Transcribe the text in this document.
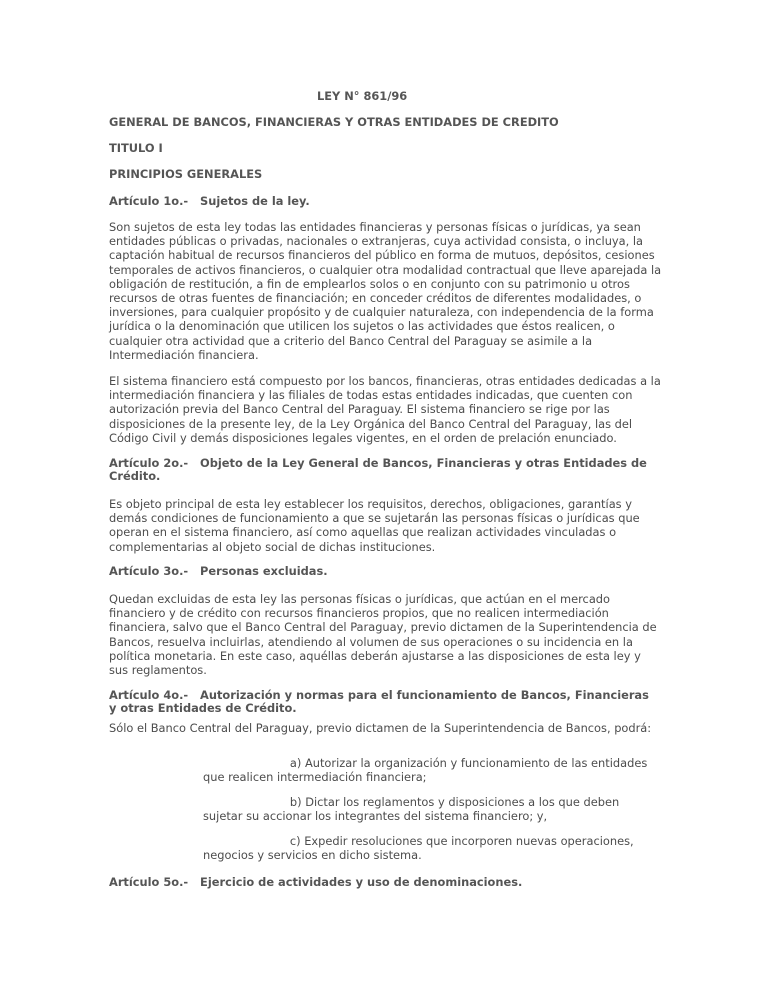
LEY N° 861/96
GENERAL DE BANCOS, FINANCIERAS Y OTRAS ENTIDADES DE CREDITO
TITULO I
PRINCIPIOS GENERALES
Artículo 1o.-   Sujetos de la ley.
Son sujetos de esta ley todas las entidades financieras y personas físicas o jurídicas, ya sean
entidades públicas o privadas, nacionales o extranjeras, cuya actividad consista, o incluya, la
captación habitual de recursos financieros del público en forma de mutuos, depósitos, cesiones
temporales de activos financieros, o cualquier otra modalidad contractual que lleve aparejada la
obligación de restitución, a fin de emplearlos solos o en conjunto con su patrimonio u otros
recursos de otras fuentes de financiación; en conceder créditos de diferentes modalidades, o
inversiones, para cualquier propósito y de cualquier naturaleza, con independencia de la forma
jurídica o la denominación que utilicen los sujetos o las actividades que éstos realicen, o
cualquier otra actividad que a criterio del Banco Central del Paraguay se asimile a la
Intermediación financiera.
El sistema financiero está compuesto por los bancos, financieras, otras entidades dedicadas a la
intermediación financiera y las filiales de todas estas entidades indicadas, que cuenten con
autorización previa del Banco Central del Paraguay. El sistema financiero se rige por las
disposiciones de la presente ley, de la Ley Orgánica del Banco Central del Paraguay, las del
Código Civil y demás disposiciones legales vigentes, en el orden de prelación enunciado.
Artículo 2o.-   Objeto de la Ley General de Bancos, Financieras y otras Entidades de
Crédito.
Es objeto principal de esta ley establecer los requisitos, derechos, obligaciones, garantías y
demás condiciones de funcionamiento a que se sujetarán las personas físicas o jurídicas que
operan en el sistema financiero, así como aquellas que realizan actividades vinculadas o
complementarias al objeto social de dichas instituciones.
Artículo 3o.-   Personas excluidas.
Quedan excluidas de esta ley las personas físicas o jurídicas, que actúan en el mercado
financiero y de crédito con recursos financieros propios, que no realicen intermediación
financiera, salvo que el Banco Central del Paraguay, previo dictamen de la Superintendencia de
Bancos, resuelva incluirlas, atendiendo al volumen de sus operaciones o su incidencia en la
política monetaria. En este caso, aquéllas deberán ajustarse a las disposiciones de esta ley y
sus reglamentos.
Artículo 4o.-   Autorización y normas para el funcionamiento de Bancos, Financieras
y otras Entidades de Crédito.
Sólo el Banco Central del Paraguay, previo dictamen de la Superintendencia de Bancos, podrá:
a) Autorizar la organización y funcionamiento de las entidades
que realicen intermediación financiera;
b) Dictar los reglamentos y disposiciones a los que deben
sujetar su accionar los integrantes del sistema financiero; y,
c) Expedir resoluciones que incorporen nuevas operaciones,
negocios y servicios en dicho sistema.
Artículo 5o.-   Ejercicio de actividades y uso de denominaciones.
